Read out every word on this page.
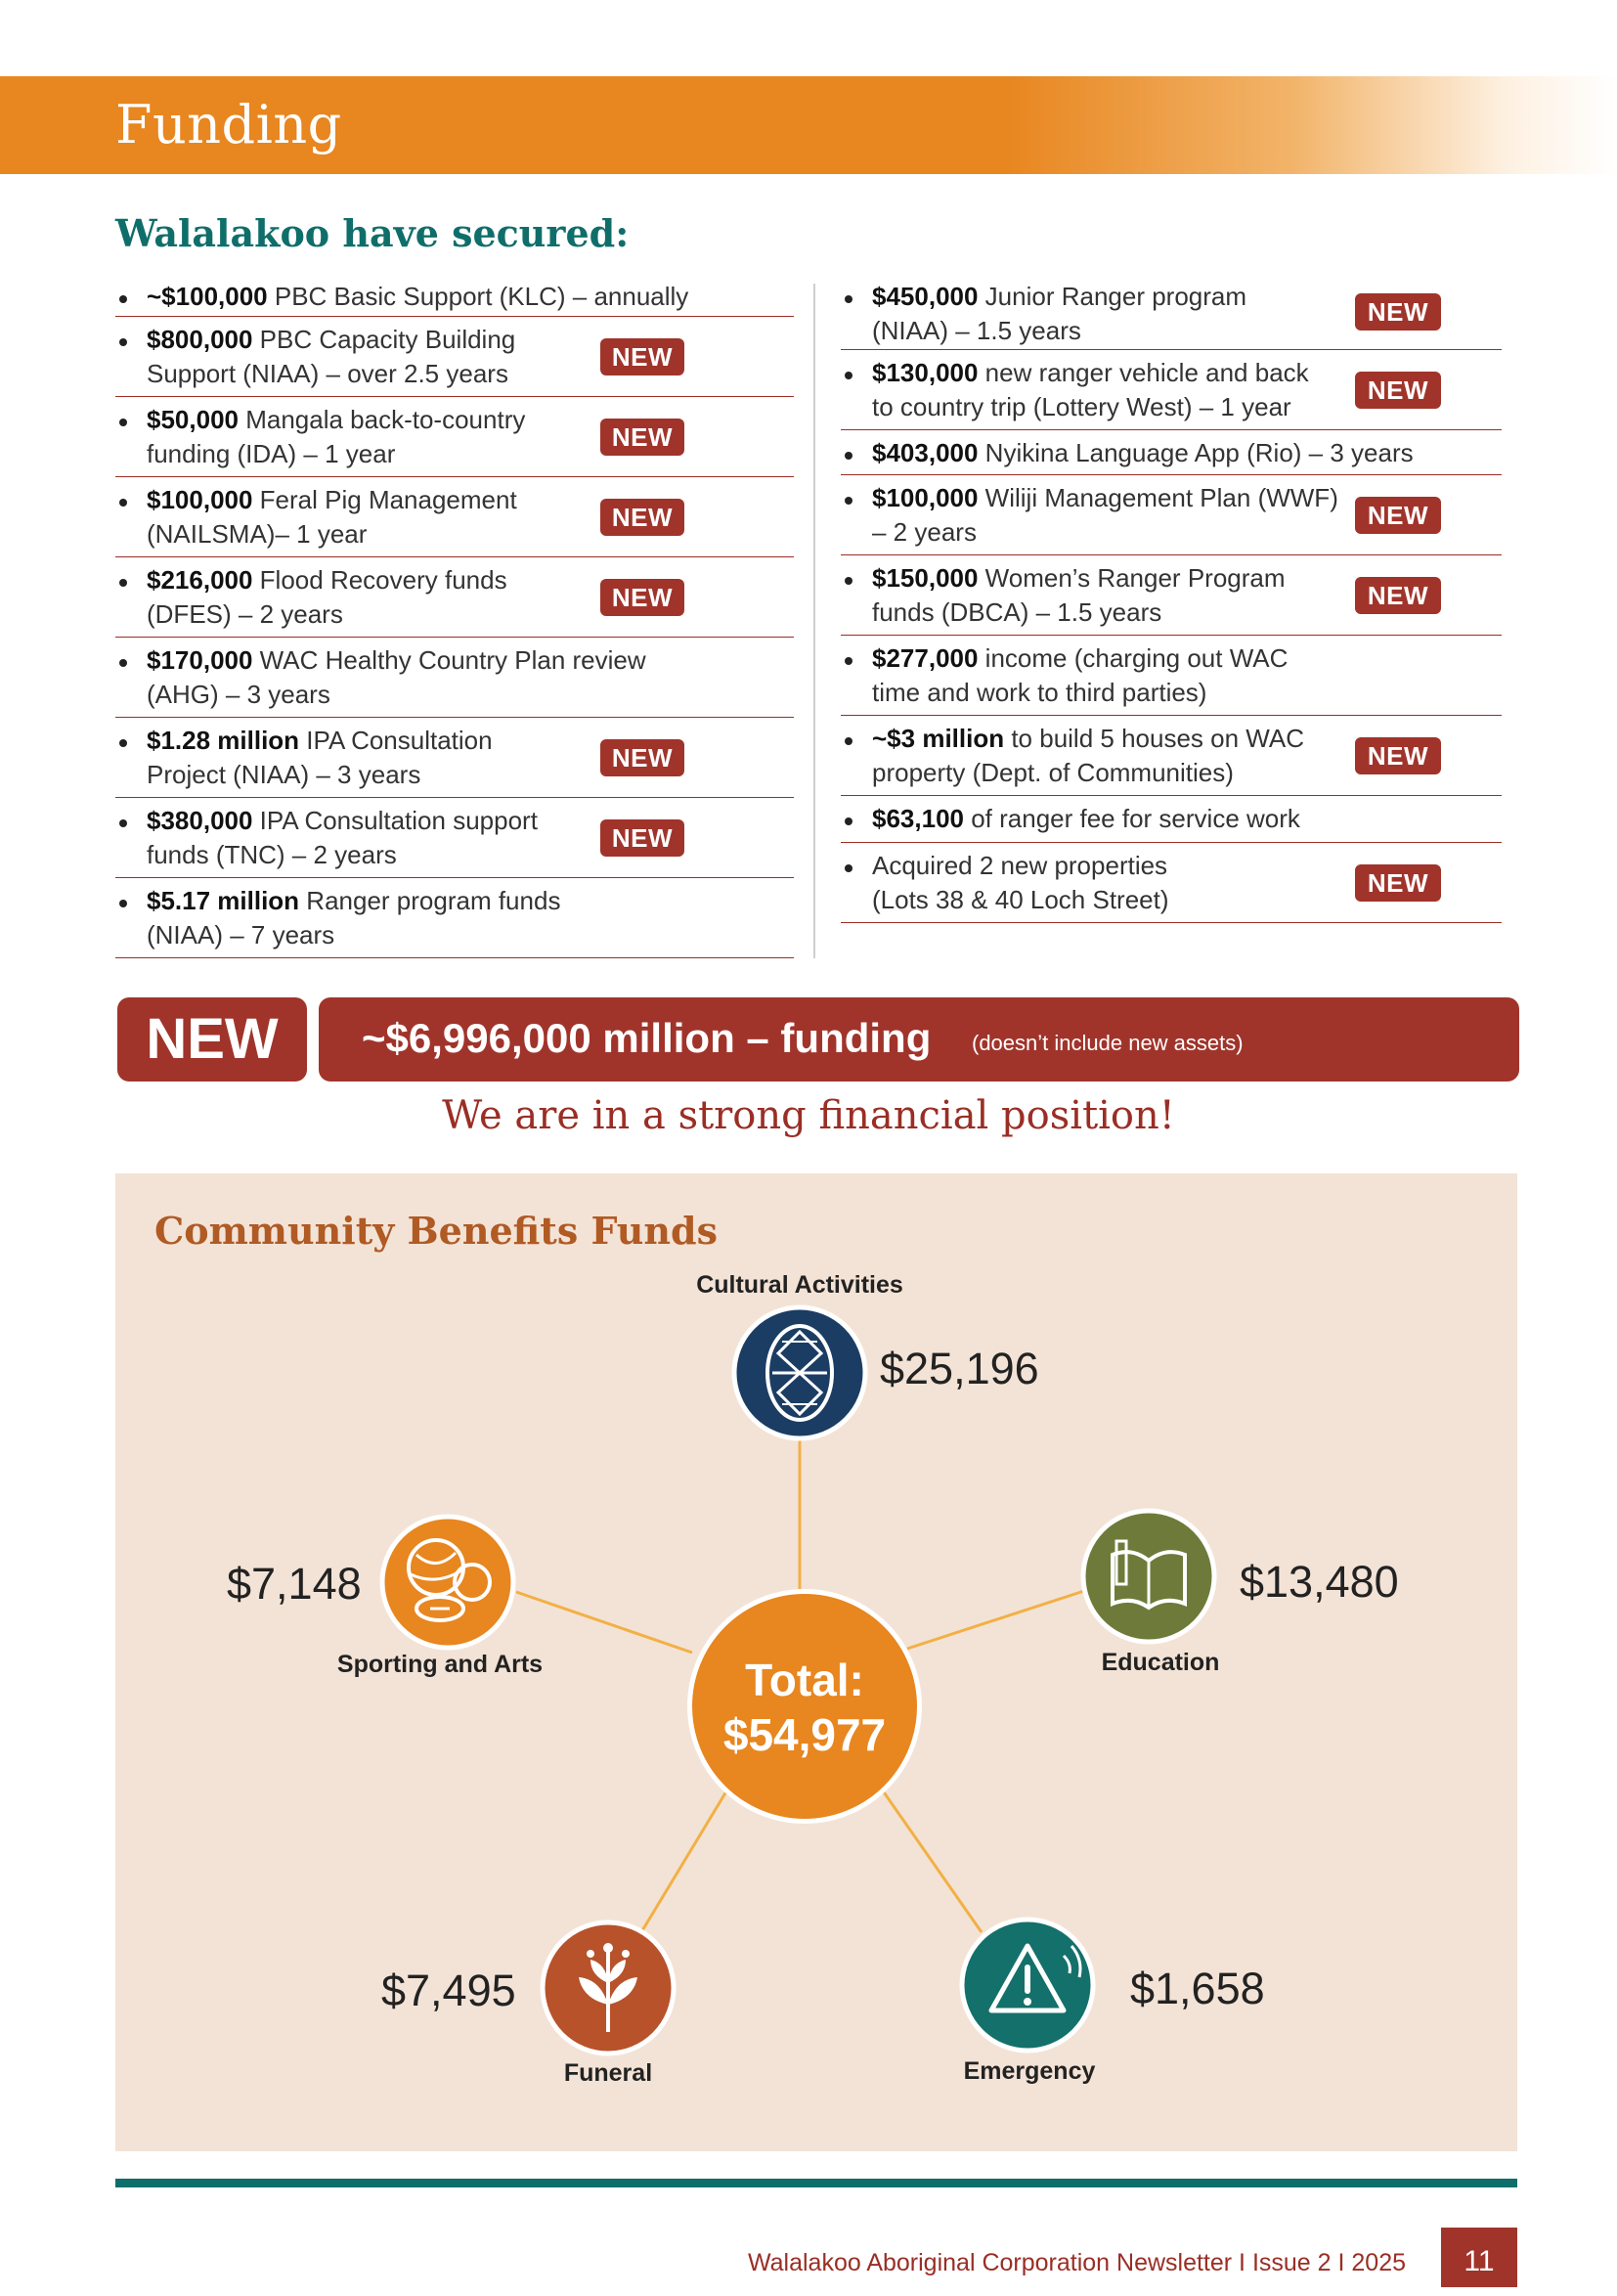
Funding
Walalakoo have secured:
~$100,000 PBC Basic Support (KLC) – annually
$800,000 PBC Capacity Building
Support (NIAA) – over 2.5 years
NEW
$50,000 Mangala back-to-country
funding (IDA) – 1 year
NEW
$100,000 Feral Pig Management
(NAILSMA)– 1 year
NEW
$216,000 Flood Recovery funds
(DFES) – 2 years
NEW
$170,000 WAC Healthy Country Plan review
(AHG) – 3 years
$1.28 million IPA Consultation
Project (NIAA) – 3 years
NEW
$380,000 IPA Consultation support
funds (TNC) – 2 years
NEW
$5.17 million Ranger program funds
(NIAA) – 7 years
$450,000 Junior Ranger program
(NIAA) – 1.5 years
NEW
$130,000 new ranger vehicle and back
to country trip (Lottery West) – 1 year
NEW
$403,000 Nyikina Language App (Rio) – 3 years
$100,000 Wiliji Management Plan (WWF)
– 2 years
NEW
$150,000 Women’s Ranger Program
funds (DBCA) – 1.5 years
NEW
$277,000 income (charging out WAC
time and work to third parties)
~$3 million to build 5 houses on WAC
property (Dept. of Communities)
NEW
$63,100 of ranger fee for service work
Acquired 2 new properties
(Lots 38 & 40 Loch Street)
NEW
NEW	~$6,996,000 million – funding (doesn’t include new assets)
We are in a strong financial position!
Community Benefits Funds
Total:
$54,977
Cultural Activities
$25,196
Education
$13,480
Sporting and Arts
$7,148
Funeral
$7,495
Emergency
$1,658
Walalakoo Aboriginal Corporation Newsletter I Issue 2 I 2025	11
